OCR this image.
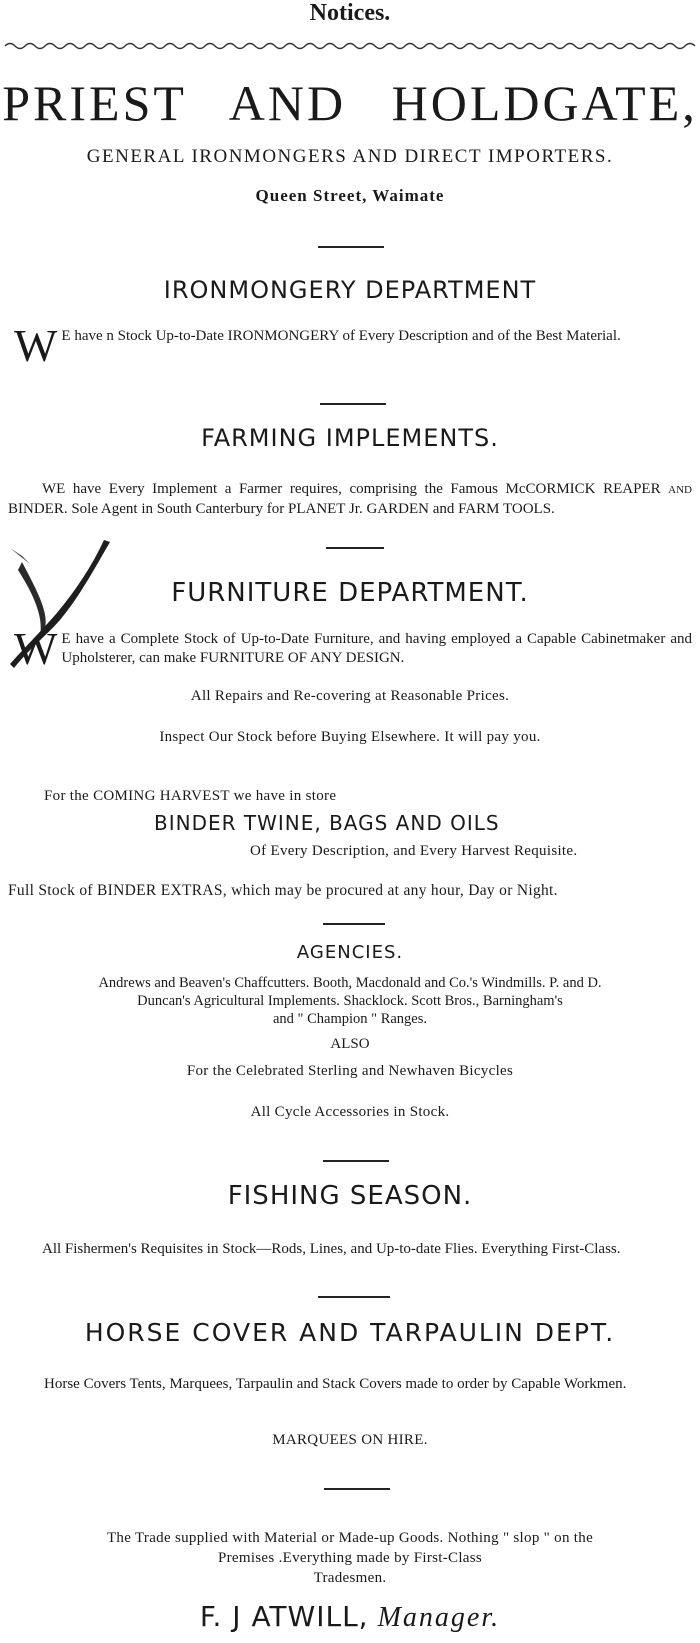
Notices.
PRIEST AND HOLDGATE,
GENERAL IRONMONGERS AND DIRECT IMPORTERS.
Queen Street, Waimate
IRONMONGERY DEPARTMENT
W E have n Stock Up-to-Date IRONMONGERY of Every Description and of the Best Material.
FARMING IMPLEMENTS.
WE have Every Implement a Farmer requires, comprising the Famous McCORMICK REAPER AND BINDER. Sole Agent in South Canterbury for PLANET Jr. GARDEN and FARM TOOLS.
FURNITURE DEPARTMENT.
W E have a Complete Stock of Up-to-Date Furniture, and having employed a Capable Cabinetmaker and Upholsterer, can make FURNITURE OF ANY DESIGN.
All Repairs and Re-covering at Reasonable Prices.
Inspect Our Stock before Buying Elsewhere. It will pay you.
For the COMING HARVEST we have in store
BINDER TWINE, BAGS AND OILS
Of Every Description, and Every Harvest Requisite.
Full Stock of BINDER EXTRAS, which may be procured at any hour, Day or Night.
AGENCIES.
Andrews and Beaven's Chaffcutters. Booth, Macdonald and Co.'s Windmills. P. and D.
Duncan's Agricultural Implements. Shacklock. Scott Bros., Barningham's
and " Champion " Ranges.
ALSO
For the Celebrated Sterling and Newhaven Bicycles
All Cycle Accessories in Stock.
FISHING SEASON.
All Fishermen's Requisites in Stock—Rods, Lines, and Up-to-date Flies. Everything First-Class.
HORSE COVER AND TARPAULIN DEPT.
Horse Covers Tents, Marquees, Tarpaulin and Stack Covers made to order by Capable Workmen.
MARQUEES ON HIRE.
The Trade supplied with Material or Made-up Goods. Nothing " slop " on the
Premises .Everything made by First-Class
Tradesmen.
F. J ATWILL, Manager.
